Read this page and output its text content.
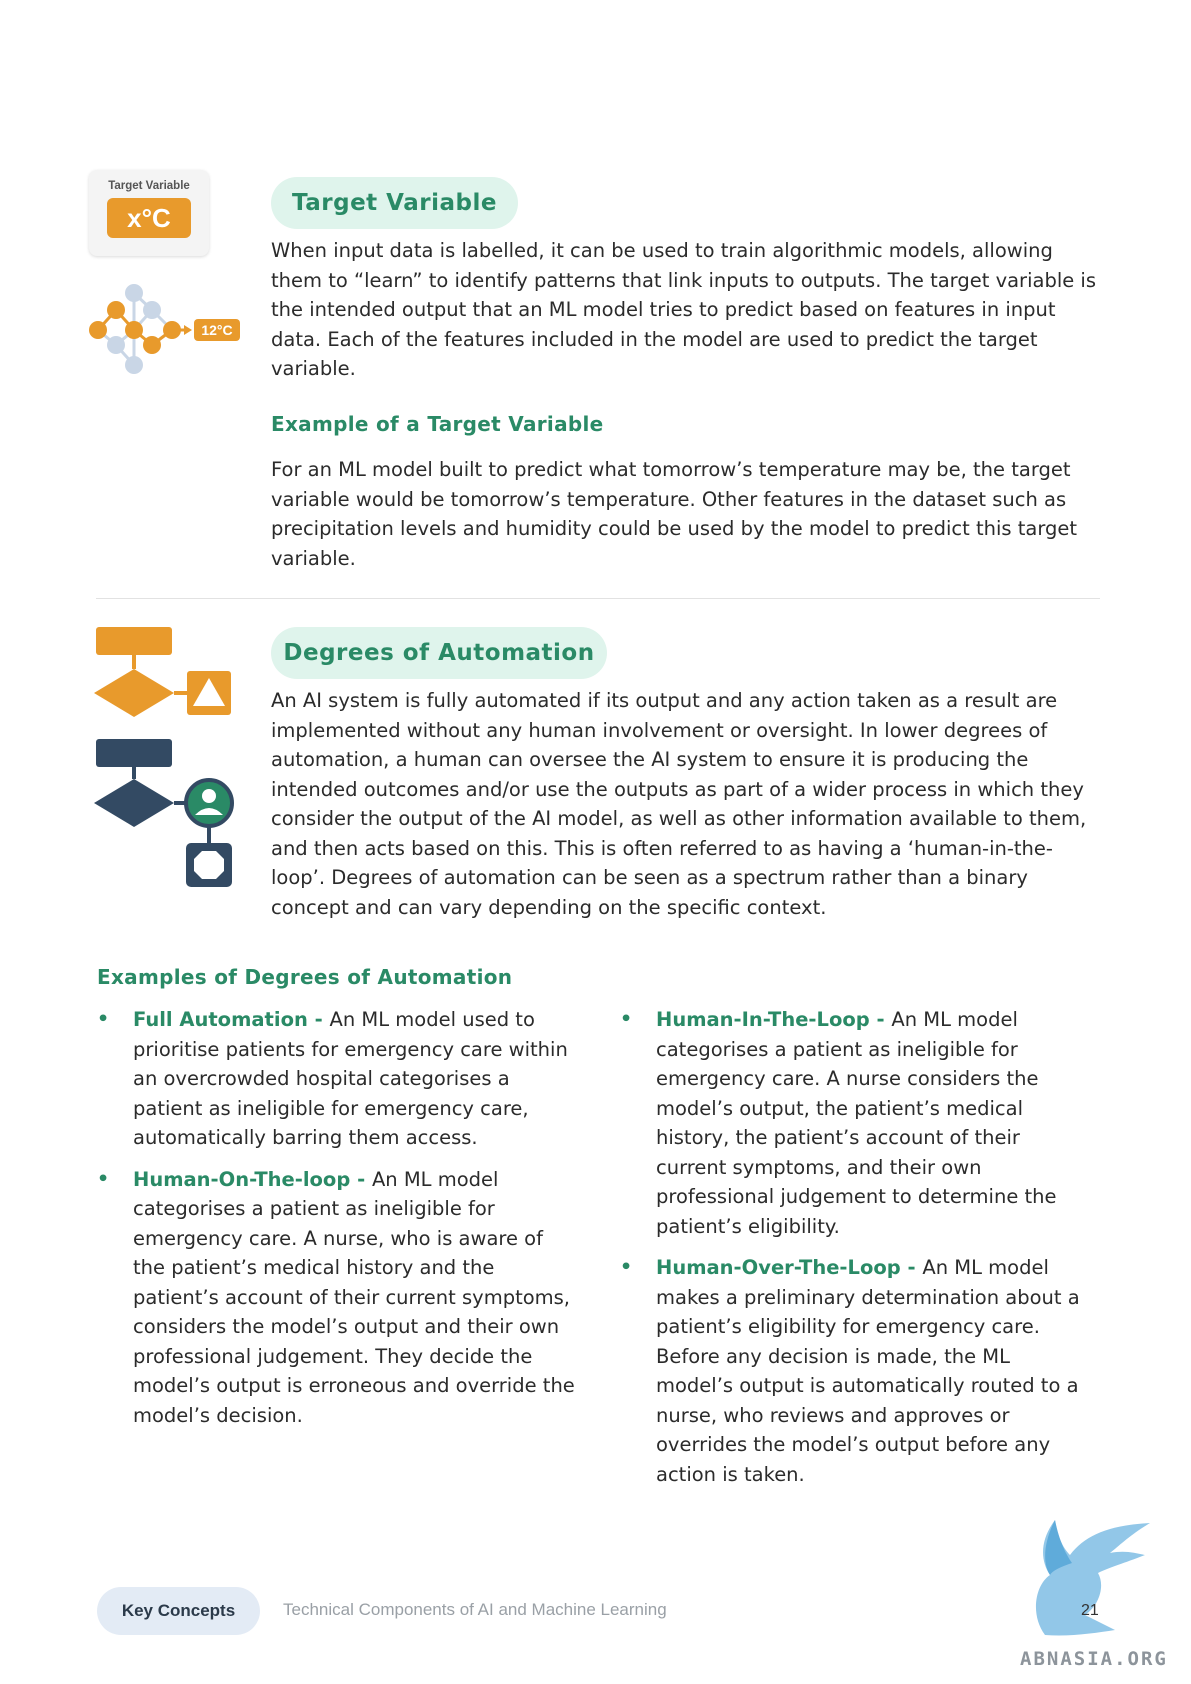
Target Variable
x°C
12°C
Target Variable
When input data is labelled, it can be used to train algorithmic models, allowing them to “learn” to identify patterns that link inputs to outputs. The target variable is the intended output that an ML model tries to predict based on features in input data. Each of the features included in the model are used to predict the target variable.
Example of a Target Variable
For an ML model built to predict what tomorrow’s temperature may be, the target variable would be tomorrow’s temperature. Other features in the dataset such as precipitation levels and humidity could be used by the model to predict this target variable.
Degrees of Automation
An AI system is fully automated if its output and any action taken as a result are implemented without any human involvement or oversight. In lower degrees of automation, a human can oversee the AI system to ensure it is producing the intended outcomes and/or use the outputs as part of a wider process in which they consider the output of the AI model, as well as other information available to them, and then acts based on this. This is often referred to as having a ‘human-in-the-loop’. Degrees of automation can be seen as a spectrum rather than a binary concept and can vary depending on the specific context.
Examples of Degrees of Automation
• Full Automation - An ML model used to prioritise patients for emergency care within an overcrowded hospital categorises a patient as ineligible for emergency care, automatically barring them access.
• Human-On-The-loop - An ML model categorises a patient as ineligible for emergency care. A nurse, who is aware of the patient’s medical history and the patient’s account of their current symptoms, considers the model’s output and their own professional judgement. They decide the model’s output is erroneous and override the model’s decision.
• Human-In-The-Loop - An ML model categorises a patient as ineligible for emergency care. A nurse considers the model’s output, the patient’s medical history, the patient’s account of their current symptoms, and their own professional judgement to determine the patient’s eligibility.
• Human-Over-The-Loop - An ML model makes a preliminary determination about a patient’s eligibility for emergency care. Before any decision is made, the ML model’s output is automatically routed to a nurse, who reviews and approves or overrides the model’s output before any action is taken.
Key Concepts	Technical Components of AI and Machine Learning	21
ABNASIA.ORG
